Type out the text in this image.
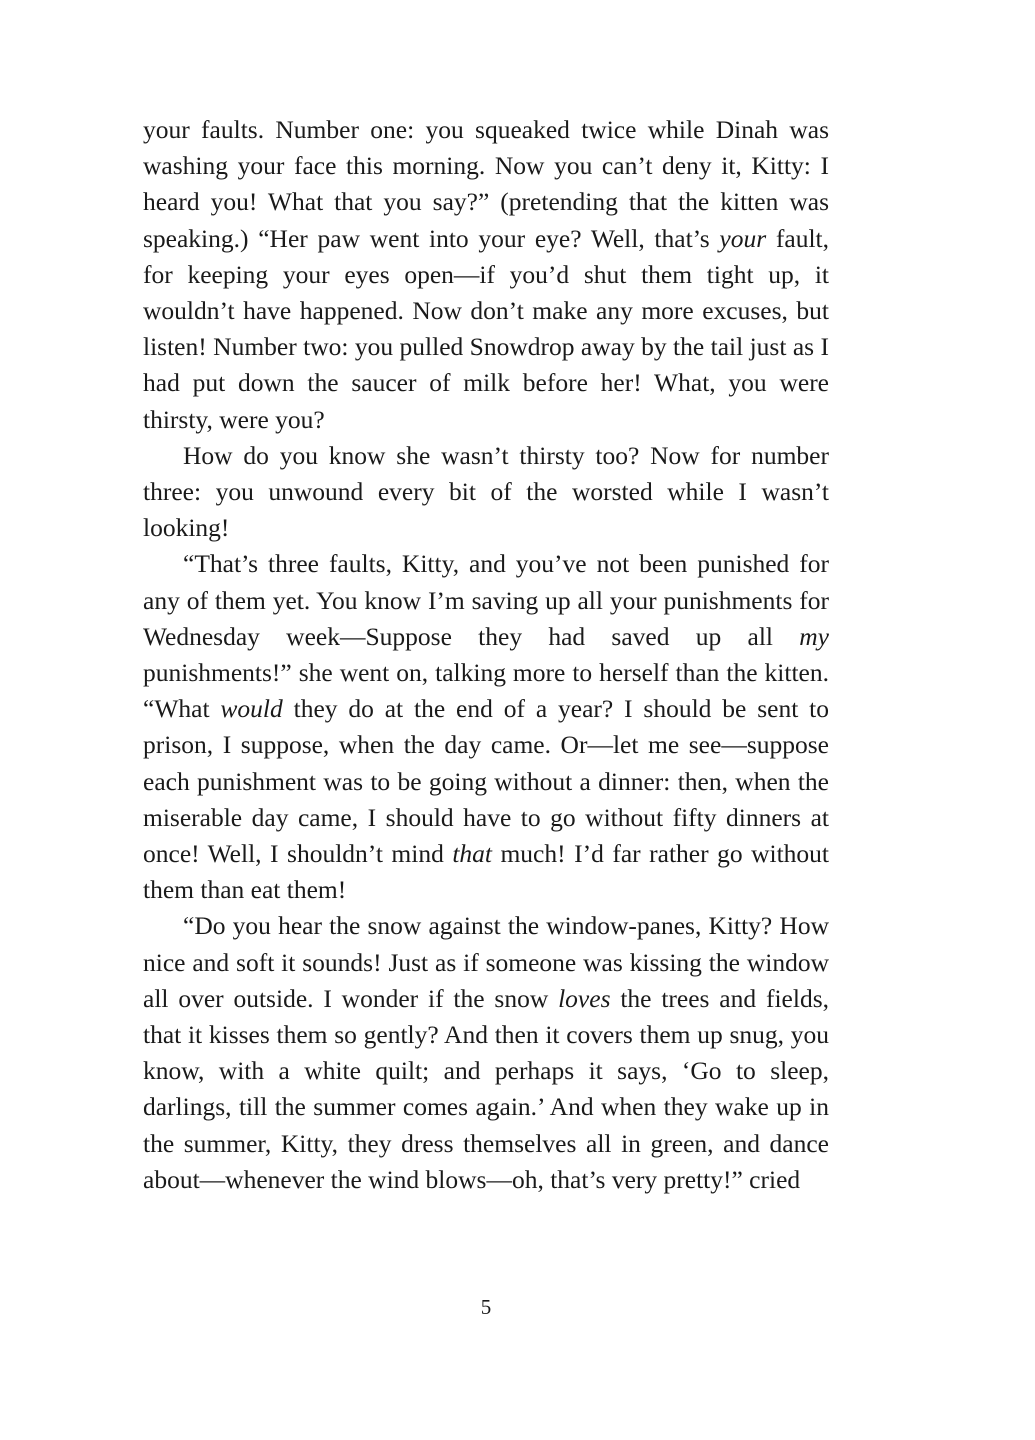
your faults. Number one: you squeaked twice while Dinah was washing your face this morning. Now you can’t deny it, Kitty: I heard you! What that you say?” (pretending that the kitten was speaking.) “Her paw went into your eye? Well, that’s your fault, for keeping your eyes open—if you’d shut them tight up, it wouldn’t have happened. Now don’t make any more excuses, but listen! Number two: you pulled Snowdrop away by the tail just as I had put down the saucer of milk before her! What, you were thirsty, were you?

How do you know she wasn’t thirsty too? Now for number three: you unwound every bit of the worsted while I wasn’t looking!

“That’s three faults, Kitty, and you’ve not been punished for any of them yet. You know I’m saving up all your punishments for Wednesday week—Suppose they had saved up all my punishments!” she went on, talking more to herself than the kitten. “What would they do at the end of a year? I should be sent to prison, I suppose, when the day came. Or—let me see—suppose each punishment was to be going without a dinner: then, when the miserable day came, I should have to go without fifty dinners at once! Well, I shouldn’t mind that much! I’d far rather go without them than eat them!

“Do you hear the snow against the window-panes, Kitty? How nice and soft it sounds! Just as if someone was kissing the window all over outside. I wonder if the snow loves the trees and fields, that it kisses them so gently? And then it covers them up snug, you know, with a white quilt; and perhaps it says, ‘Go to sleep, darlings, till the summer comes again.’ And when they wake up in the summer, Kitty, they dress themselves all in green, and dance about—whenever the wind blows—oh, that’s very pretty!” cried

5
